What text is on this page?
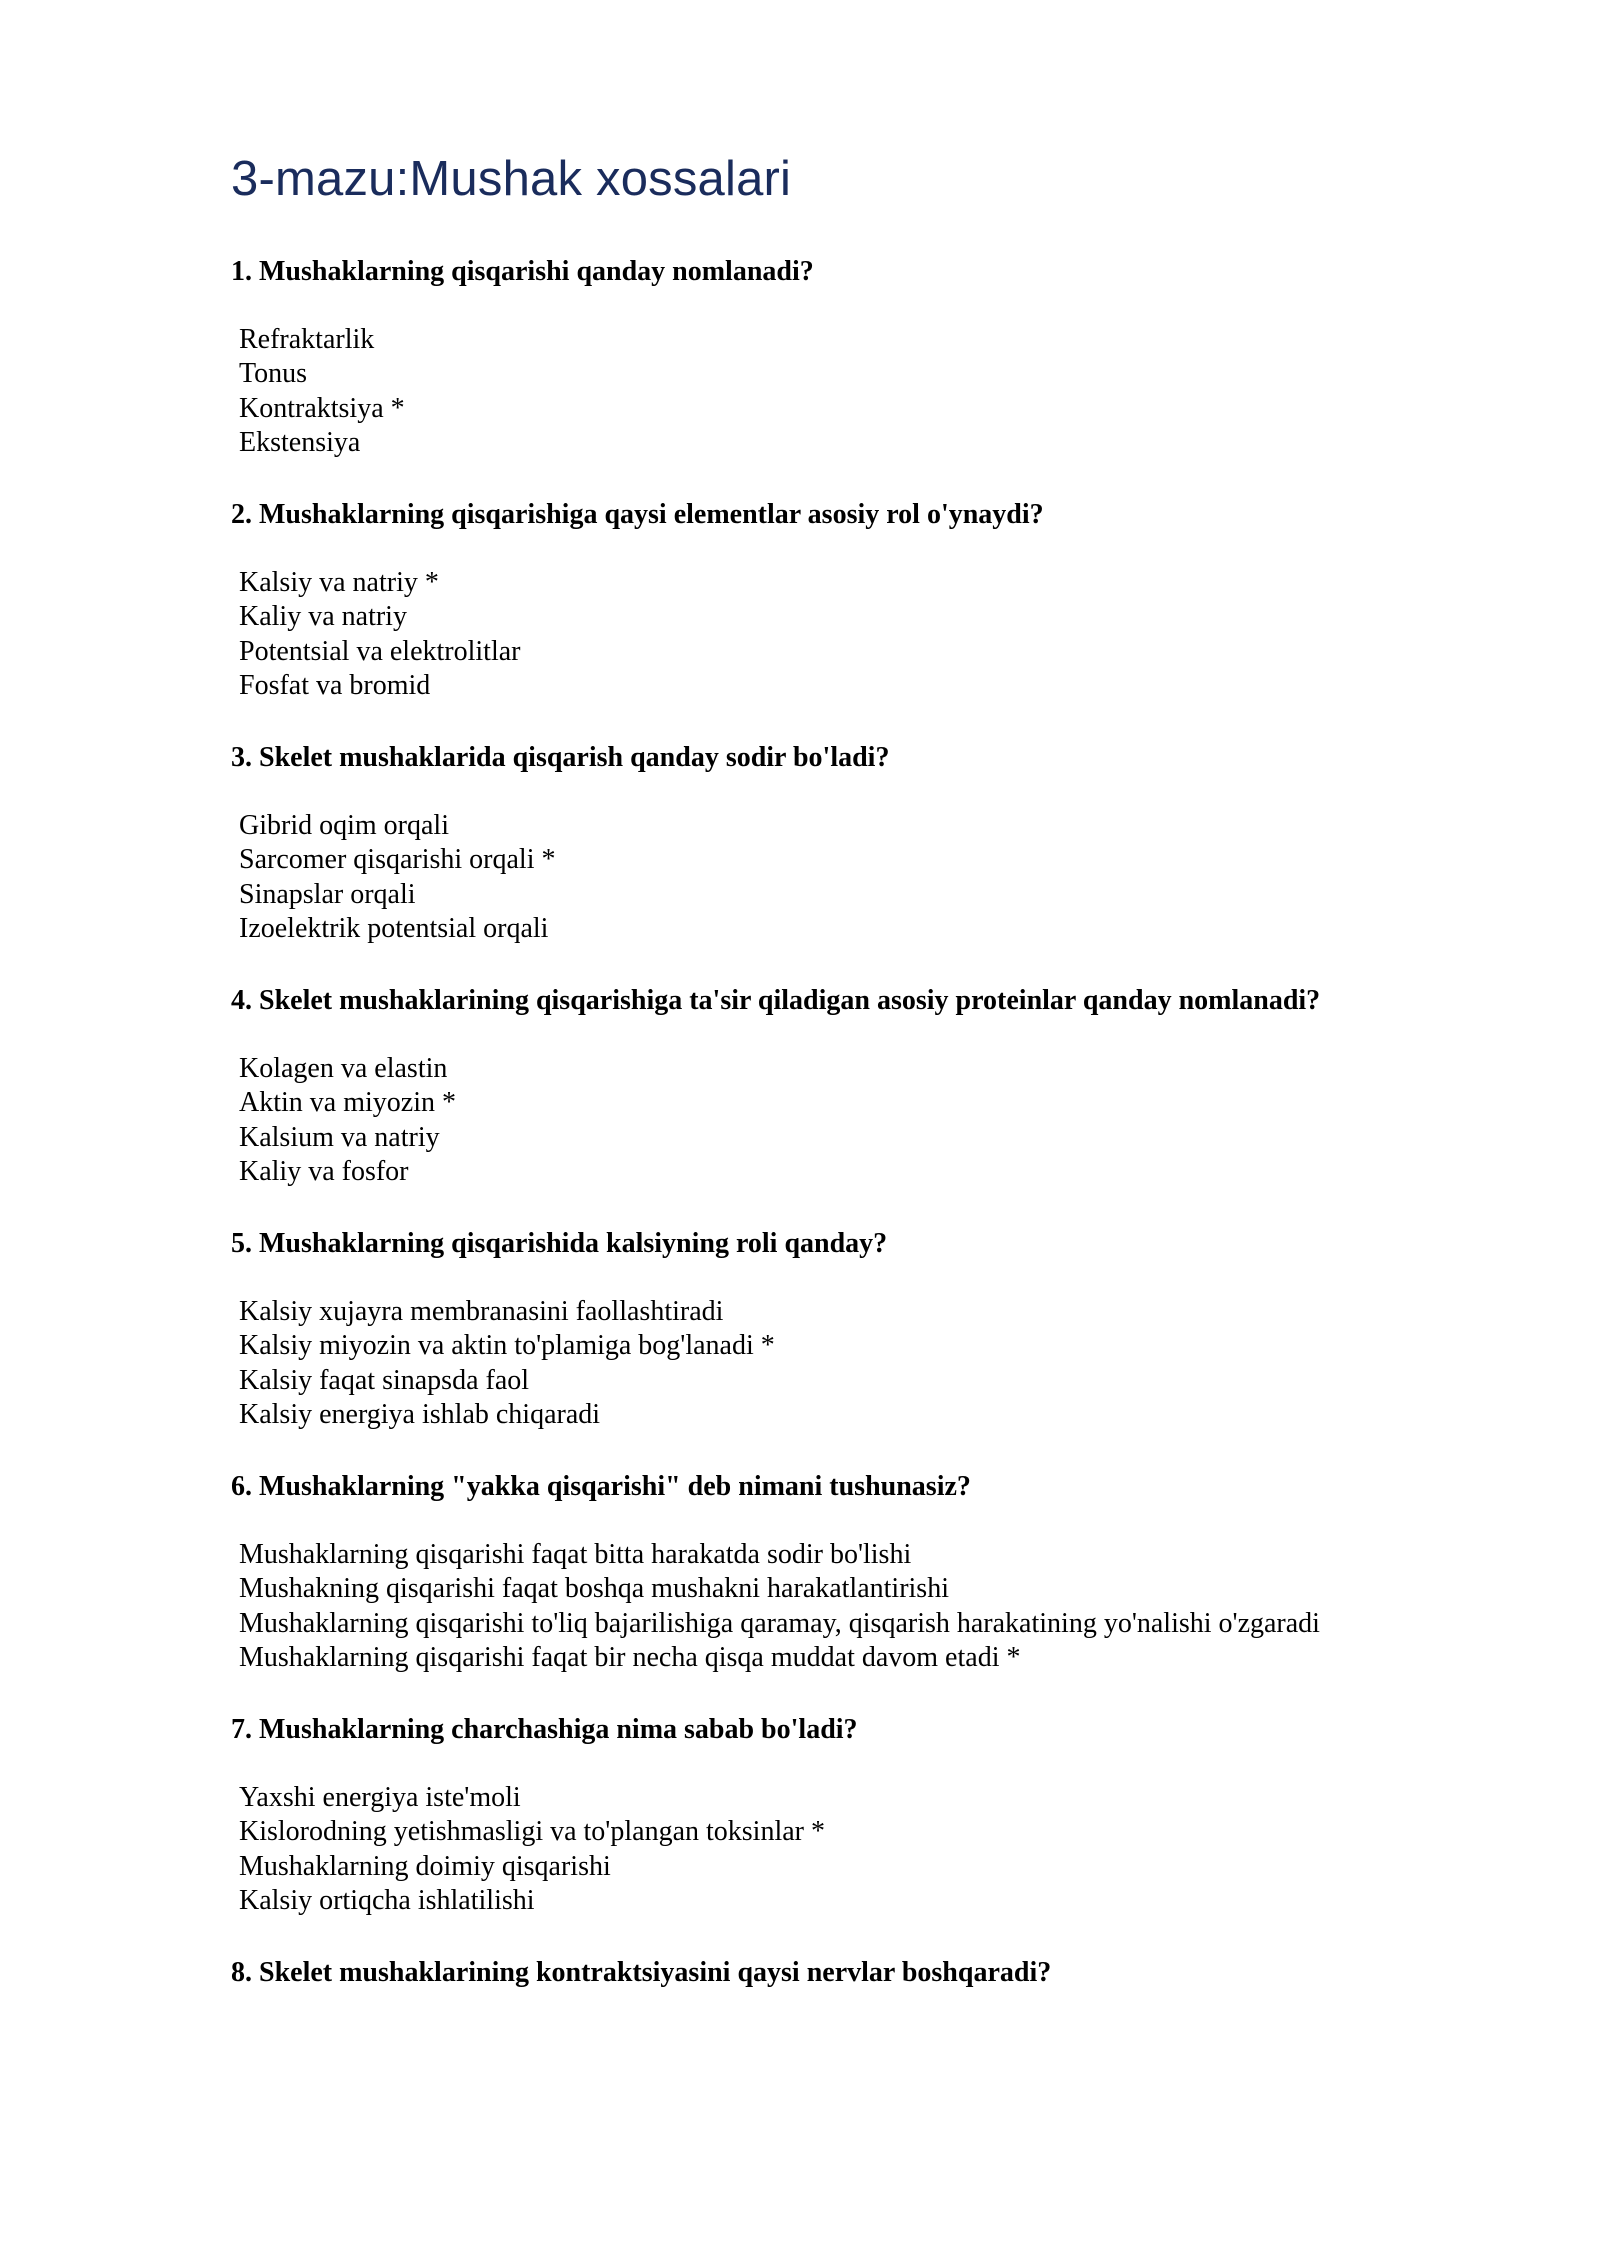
3-mazu:Mushak xossalari
1. Mushaklarning qisqarishi qanday nomlanadi?
Refraktarlik
Tonus
Kontraktsiya *
Ekstensiya
2. Mushaklarning qisqarishiga qaysi elementlar asosiy rol o'ynaydi?
Kalsiy va natriy *
Kaliy va natriy
Potentsial va elektrolitlar
Fosfat va bromid
3. Skelet mushaklarida qisqarish qanday sodir bo'ladi?
Gibrid oqim orqali
Sarcomer qisqarishi orqali *
Sinapslar orqali
Izoelektrik potentsial orqali
4. Skelet mushaklarining qisqarishiga ta'sir qiladigan asosiy proteinlar qanday nomlanadi?
Kolagen va elastin
Aktin va miyozin *
Kalsium va natriy
Kaliy va fosfor
5. Mushaklarning qisqarishida kalsiyning roli qanday?
Kalsiy xujayra membranasini faollashtiradi
Kalsiy miyozin va aktin to'plamiga bog'lanadi *
Kalsiy faqat sinapsda faol
Kalsiy energiya ishlab chiqaradi
6. Mushaklarning "yakka qisqarishi" deb nimani tushunasiz?
Mushaklarning qisqarishi faqat bitta harakatda sodir bo'lishi
Mushakning qisqarishi faqat boshqa mushakni harakatlantirishi
Mushaklarning qisqarishi to'liq bajarilishiga qaramay, qisqarish harakatining yo'nalishi o'zgaradi
Mushaklarning qisqarishi faqat bir necha qisqa muddat davom etadi *
7. Mushaklarning charchashiga nima sabab bo'ladi?
Yaxshi energiya iste'moli
Kislorodning yetishmasligi va to'plangan toksinlar *
Mushaklarning doimiy qisqarishi
Kalsiy ortiqcha ishlatilishi
8. Skelet mushaklarining kontraktsiyasini qaysi nervlar boshqaradi?
